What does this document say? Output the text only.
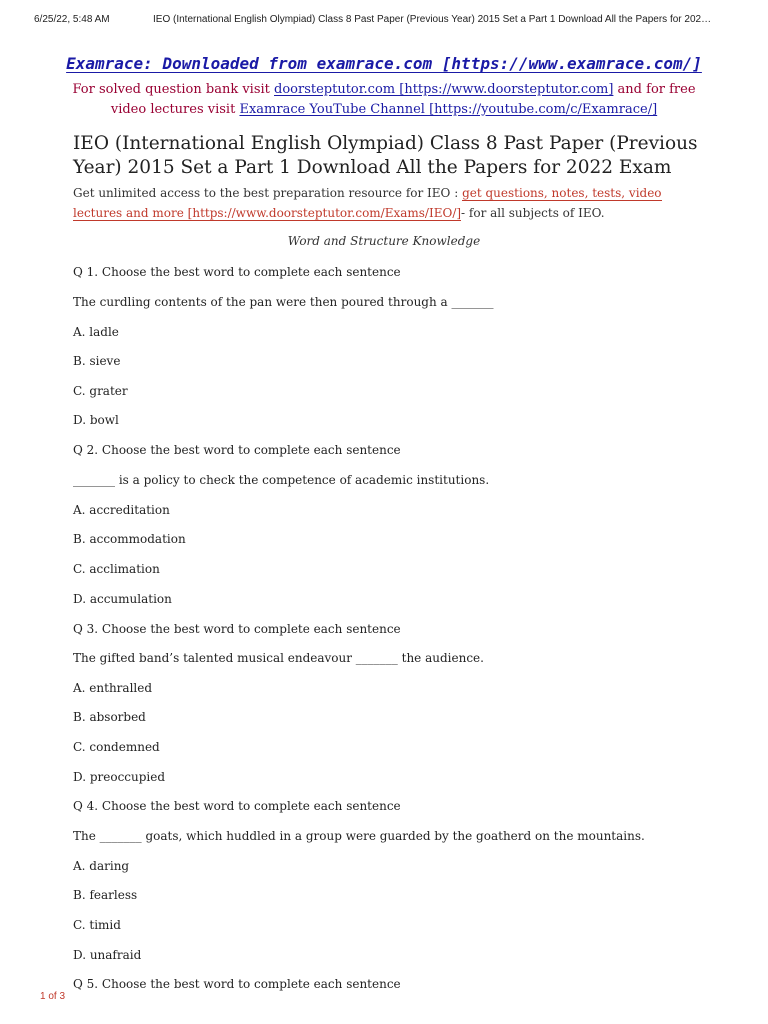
6/25/22, 5:48 AM	IEO (International English Olympiad) Class 8 Past Paper (Previous Year) 2015 Set a Part 1 Download All the Papers for 202…
Examrace: Downloaded from examrace.com [https://www.examrace.com/]
For solved question bank visit doorsteptutor.com [https://www.doorsteptutor.com] and for free video lectures visit Examrace YouTube Channel [https://youtube.com/c/Examrace/]
IEO (International English Olympiad) Class 8 Past Paper (Previous Year) 2015 Set a Part 1 Download All the Papers for 2022 Exam
Get unlimited access to the best preparation resource for IEO : get questions, notes, tests, video lectures and more [https://www.doorsteptutor.com/Exams/IEO/]- for all subjects of IEO.
Word and Structure Knowledge
Q 1. Choose the best word to complete each sentence
The curdling contents of the pan were then poured through a _______
A. ladle
B. sieve
C. grater
D. bowl
Q 2. Choose the best word to complete each sentence
_______ is a policy to check the competence of academic institutions.
A. accreditation
B. accommodation
C. acclimation
D. accumulation
Q 3. Choose the best word to complete each sentence
The gifted band’s talented musical endeavour _______ the audience.
A. enthralled
B. absorbed
C. condemned
D. preoccupied
Q 4. Choose the best word to complete each sentence
The _______ goats, which huddled in a group were guarded by the goatherd on the mountains.
A. daring
B. fearless
C. timid
D. unafraid
Q 5. Choose the best word to complete each sentence
1 of 3
